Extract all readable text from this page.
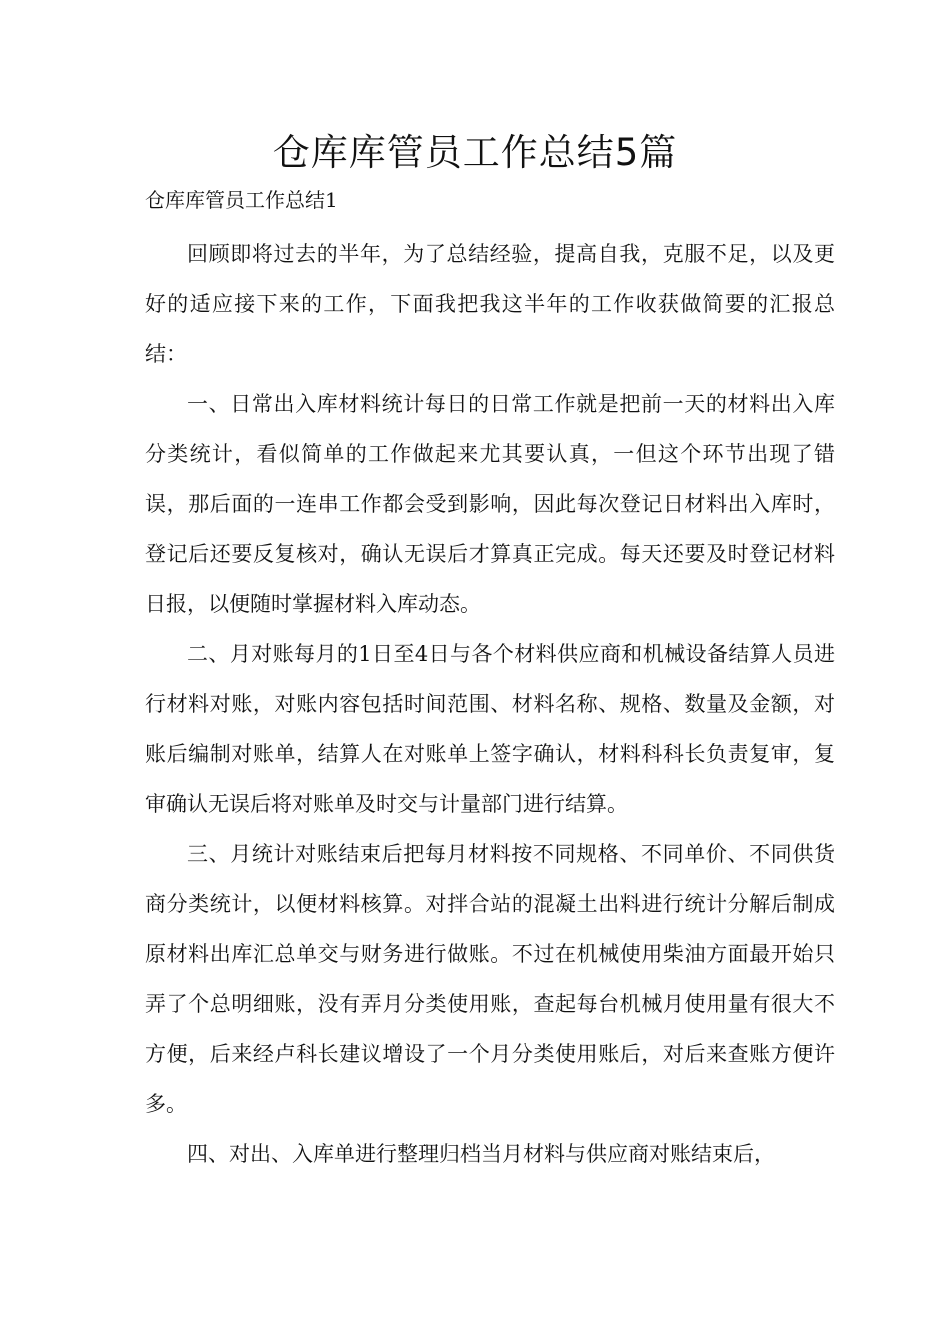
仓库库管员工作总结5篇
仓库库管员工作总结1

回顾即将过去的半年，为了总结经验，提高自我，克服不足，以及更好的适应接下来的工作，下面我把我这半年的工作收获做简要的汇报总结：

一、日常出入库材料统计每日的日常工作就是把前一天的材料出入库分类统计，看似简单的工作做起来尤其要认真，一但这个环节出现了错误，那后面的一连串工作都会受到影响，因此每次登记日材料出入库时，登记后还要反复核对，确认无误后才算真正完成。每天还要及时登记材料日报，以便随时掌握材料入库动态。

二、月对账每月的1日至4日与各个材料供应商和机械设备结算人员进行材料对账，对账内容包括时间范围、材料名称、规格、数量及金额，对账后编制对账单，结算人在对账单上签字确认，材料科科长负责复审，复审确认无误后将对账单及时交与计量部门进行结算。

三、月统计对账结束后把每月材料按不同规格、不同单价、不同供货商分类统计，以便材料核算。对拌合站的混凝土出料进行统计分解后制成原材料出库汇总单交与财务进行做账。不过在机械使用柴油方面最开始只弄了个总明细账，没有弄月分类使用账，查起每台机械月使用量有很大不方便，后来经卢科长建议增设了一个月分类使用账后，对后来查账方便许多。

四、对出、入库单进行整理归档当月材料与供应商对账结束后，
